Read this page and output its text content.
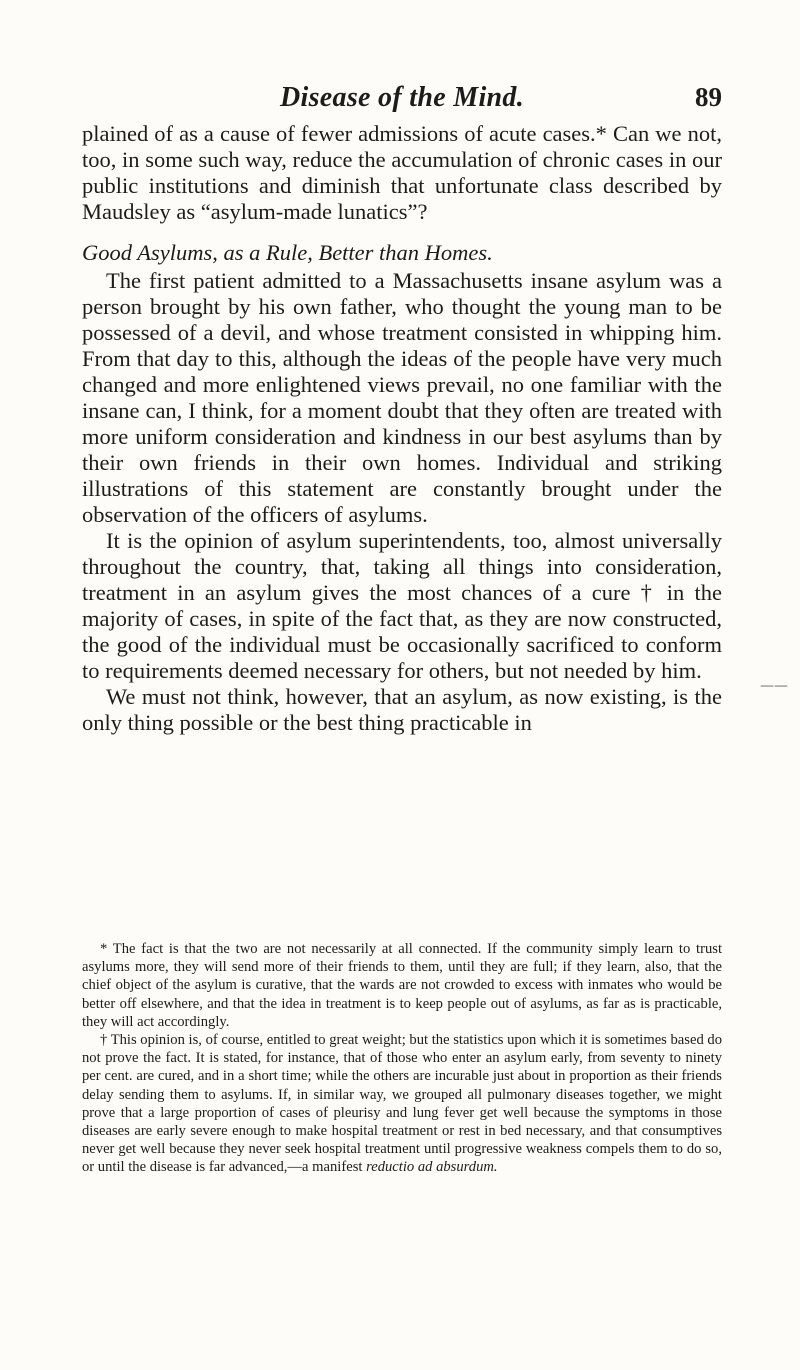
Disease of the Mind.	89

plained of as a cause of fewer admissions of acute cases.* Can we not, too, in some such way, reduce the accumulation of chronic cases in our public institutions and diminish that unfortunate class described by Maudsley as “asylum-made lunatics”?

Good Asylums, as a Rule, Better than Homes.

The first patient admitted to a Massachusetts insane asylum was a person brought by his own father, who thought the young man to be possessed of a devil, and whose treatment consisted in whipping him. From that day to this, although the ideas of the people have very much changed and more enlightened views prevail, no one familiar with the insane can, I think, for a moment doubt that they often are treated with more uniform consideration and kindness in our best asylums than by their own friends in their own homes. Individual and striking illustrations of this statement are constantly brought under the observation of the officers of asylums.

It is the opinion of asylum superintendents, too, almost universally throughout the country, that, taking all things into consideration, treatment in an asylum gives the most chances of a cure † in the majority of cases, in spite of the fact that, as they are now constructed, the good of the individual must be occasionally sacrificed to conform to requirements deemed necessary for others, but not needed by him.

We must not think, however, that an asylum, as now existing, is the only thing possible or the best thing practicable in

* The fact is that the two are not necessarily at all connected. If the community simply learn to trust asylums more, they will send more of their friends to them, until they are full; if they learn, also, that the chief object of the asylum is curative, that the wards are not crowded to excess with inmates who would be better off elsewhere, and that the idea in treatment is to keep people out of asylums, as far as is practicable, they will act accordingly.

† This opinion is, of course, entitled to great weight; but the statistics upon which it is sometimes based do not prove the fact. It is stated, for instance, that of those who enter an asylum early, from seventy to ninety per cent. are cured, and in a short time; while the others are incurable just about in proportion as their friends delay sending them to asylums. If, in similar way, we grouped all pulmonary diseases together, we might prove that a large proportion of cases of pleurisy and lung fever get well because the symptoms in those diseases are early severe enough to make hospital treatment or rest in bed necessary, and that consumptives never get well because they never seek hospital treatment until progressive weakness compels them to do so, or until the disease is far advanced,—a manifest reductio ad absurdum.

——
